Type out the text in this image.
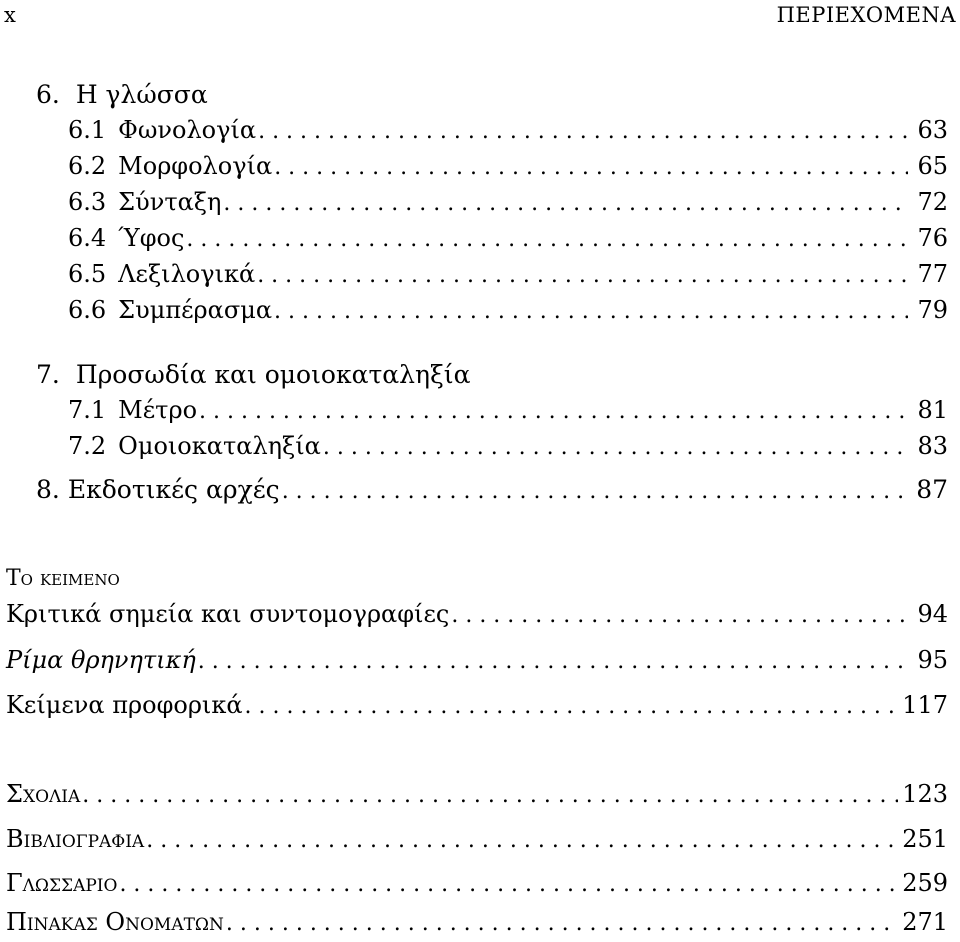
x	ΠΕΡΙΕΧΟΜΕΝΑ
6. Η γλώσσα
6.1 Φωνολογία . . .	63
6.2 Μορφολογία . . .	65
6.3 Σύνταξη . . .	72
6.4 Ύφος . . .	76
6.5 Λεξιλογικά . . .	77
6.6 Συμπέρασμα . . .	79
7. Προσωδία και ομοιοκαταληξία
7.1 Μέτρο . . .	81
7.2 Ομοιοκαταληξία . . .	83
8. Εκδοτικές αρχές . . .	87
Το κειμενο
Κριτικά σημεία και συντομογραφίες . . .	94
Ρίμα θρηνητική . . .	95
Κείμενα προφορικά . . .	117
Σχολια . . .	123
Βιβλιογραφια . . .	251
Γλωσσαριο . . .	259
Πινακας Ονοματων . . .	271
